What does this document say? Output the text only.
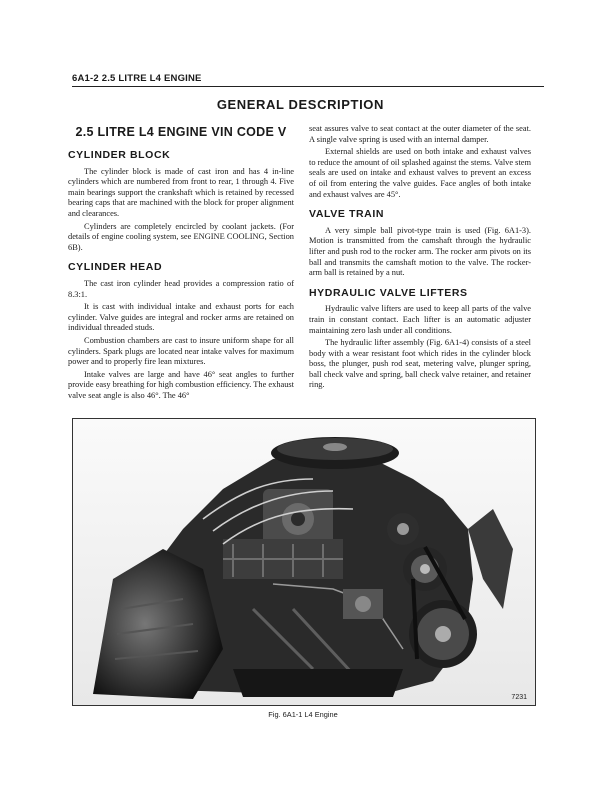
6A1-2 2.5 LITRE L4 ENGINE
GENERAL DESCRIPTION
2.5 LITRE L4 ENGINE VIN CODE V
CYLINDER BLOCK

The cylinder block is made of cast iron and has 4 in-line cylinders which are numbered from front to rear, 1 through 4. Five main bearings support the crankshaft which is retained by recessed bearing caps that are machined with the block for proper alignment and clearances.

Cylinders are completely encircled by coolant jackets. (For details of engine cooling system, see ENGINE COOLING, Section 6B).

CYLINDER HEAD

The cast iron cylinder head provides a compression ratio of 8.3:1.

It is cast with individual intake and exhaust ports for each cylinder. Valve guides are integral and rocker arms are retained on individual threaded studs.

Combustion chambers are cast to insure uniform shape for all cylinders. Spark plugs are located near intake valves for maximum power and to properly fire lean mixtures.

Intake valves are large and have 46° seat angles to further provide easy breathing for high combustion efficiency. The exhaust valve seat angle is also 46°. The 46°

seat assures valve to seat contact at the outer diameter of the seat. A single valve spring is used with an internal damper.

External shields are used on both intake and exhaust valves to reduce the amount of oil splashed against the stems. Valve stem seals are used on intake and exhaust valves to prevent an excess of oil from entering the valve guides. Face angles of both intake and exhaust valves are 45°.

VALVE TRAIN

A very simple ball pivot-type train is used (Fig. 6A1-3). Motion is transmitted from the camshaft through the hydraulic lifter and push rod to the rocker arm. The rocker arm pivots on its ball and transmits the camshaft motion to the valve. The rocker-arm ball is retained by a nut.

HYDRAULIC VALVE LIFTERS

Hydraulic valve lifters are used to keep all parts of the valve train in constant contact. Each lifter is an automatic adjuster maintaining zero lash under all conditions.

The hydraulic lifter assembly (Fig. 6A1-4) consists of a steel body with a wear resistant foot which rides in the cylinder block boss, the plunger, push rod seat, metering valve, plunger spring, ball check valve and spring, ball check valve retainer, and retainer ring.

7231
Fig. 6A1-1 L4 Engine
